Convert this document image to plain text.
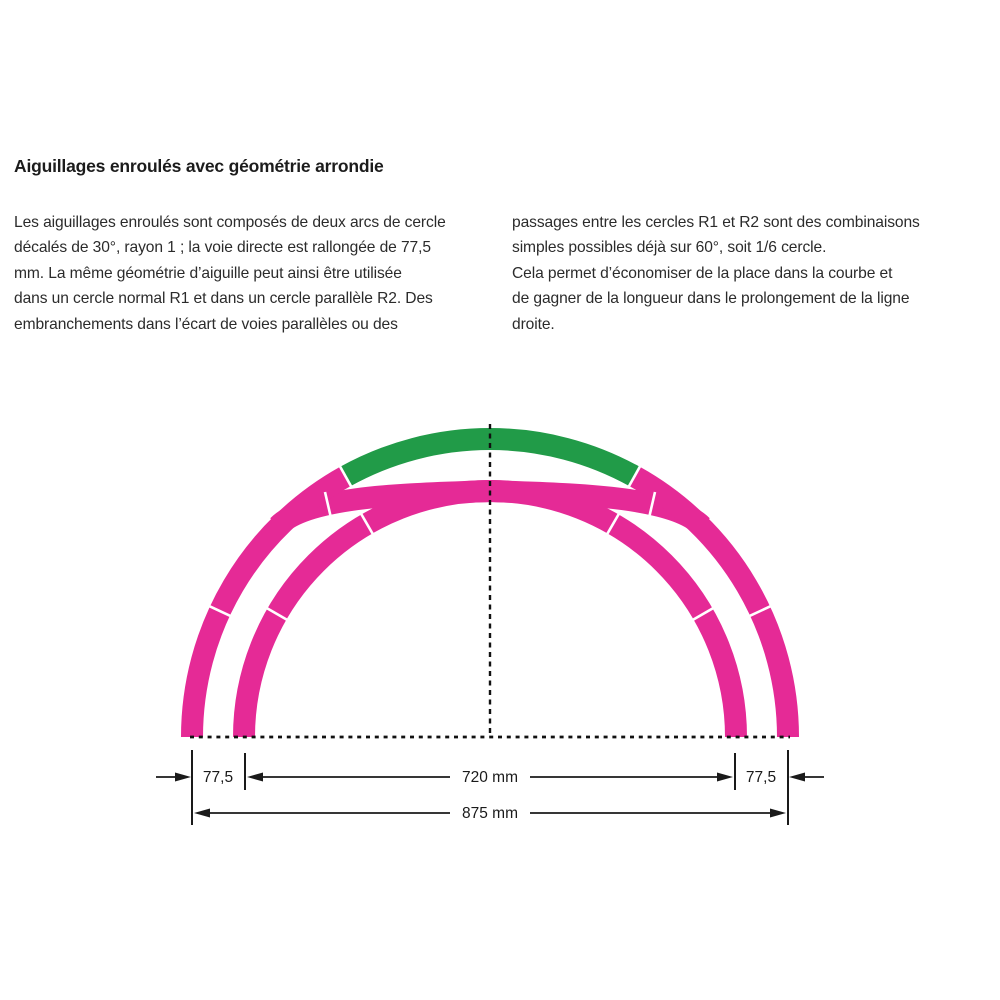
Aiguillages enroulés avec géométrie arrondie
Les aiguillages enroulés sont composés de deux arcs de cercle
décalés de 30°, rayon 1 ; la voie directe est rallongée de 77,5
mm. La même géométrie d’aiguille peut ainsi être utilisée
dans un cercle normal R1 et dans un cercle parallèle R2. Des
embranchements dans l’écart de voies parallèles ou des
passages entre les cercles R1 et R2 sont des combinaisons
simples possibles déjà sur 60°, soit 1/6 cercle.
Cela permet d’économiser de la place dans la courbe et
de gagner de la longueur dans le prolongement de la ligne
droite.
77,5	720 mm	77,5
875 mm
